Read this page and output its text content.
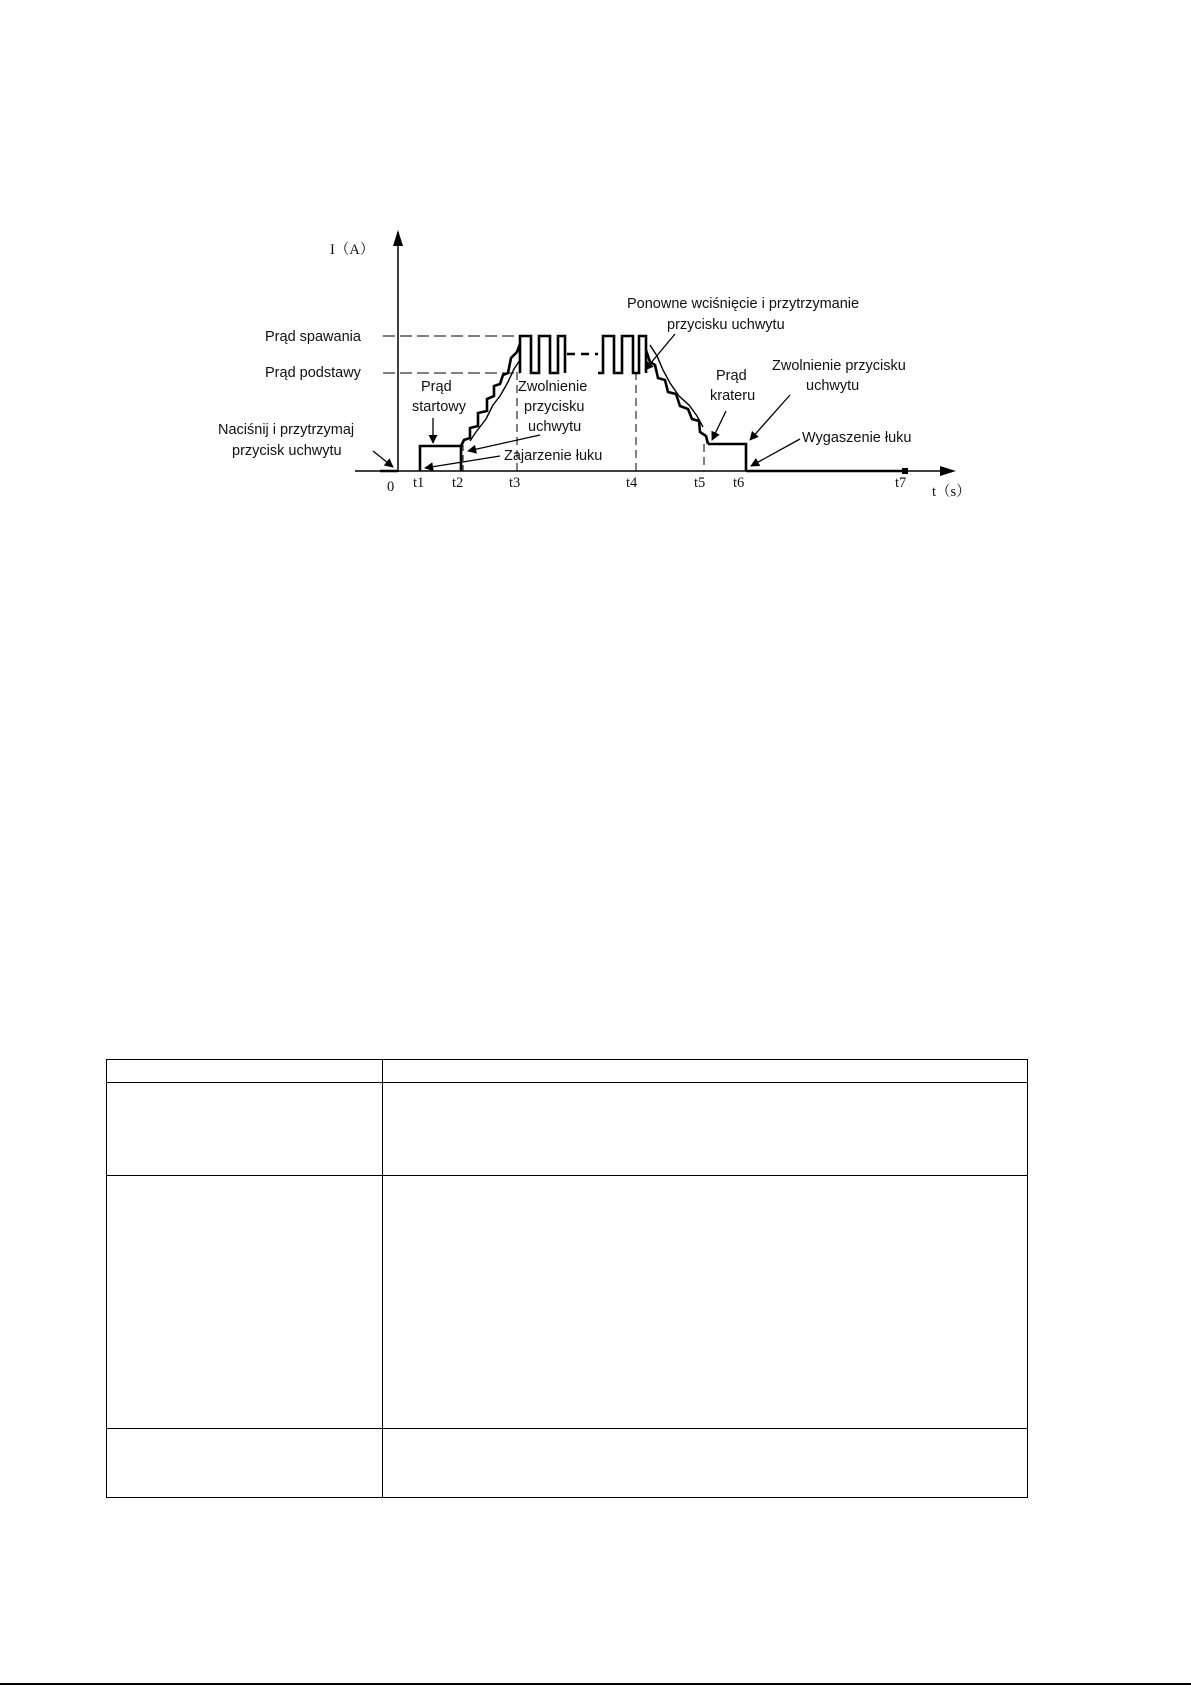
I（A）
t（s）
Prąd spawania
Prąd podstawy
0 t1 t2	t3	t4	t5 t6	t7
Naciśnij i przytrzymaj
przycisk uchwytu
Prąd
startowy
Zwolnienie
przycisku
uchwytu
Zajarzenie łuku
Ponowne wciśnięcie i przytrzymanie
przycisku uchwytu
Prąd
krateru
Zwolnienie przycisku
uchwytu
Wygaszenie łuku
